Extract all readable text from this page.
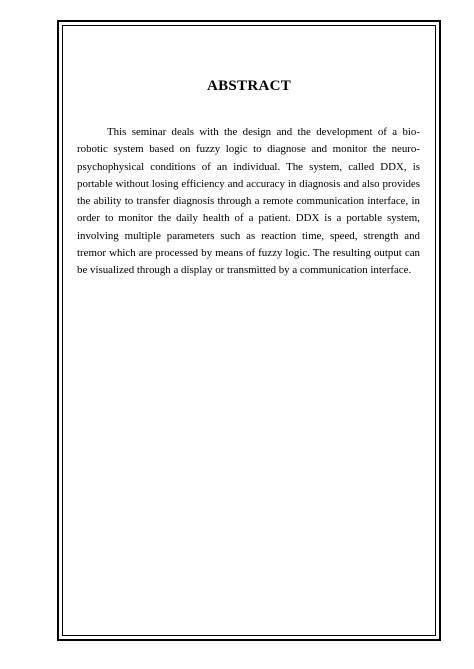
ABSTRACT

This seminar deals with the design and the development of a bio-robotic system based on fuzzy logic to diagnose and monitor the neuro-psychophysical conditions of an individual. The system, called DDX, is portable without losing efficiency and accuracy in diagnosis and also provides the ability to transfer diagnosis through a remote communication interface, in order to monitor the daily health of a patient. DDX is a portable system, involving multiple parameters such as reaction time, speed, strength and tremor which are processed by means of fuzzy logic. The resulting output can be visualized through a display or transmitted by a communication interface.
